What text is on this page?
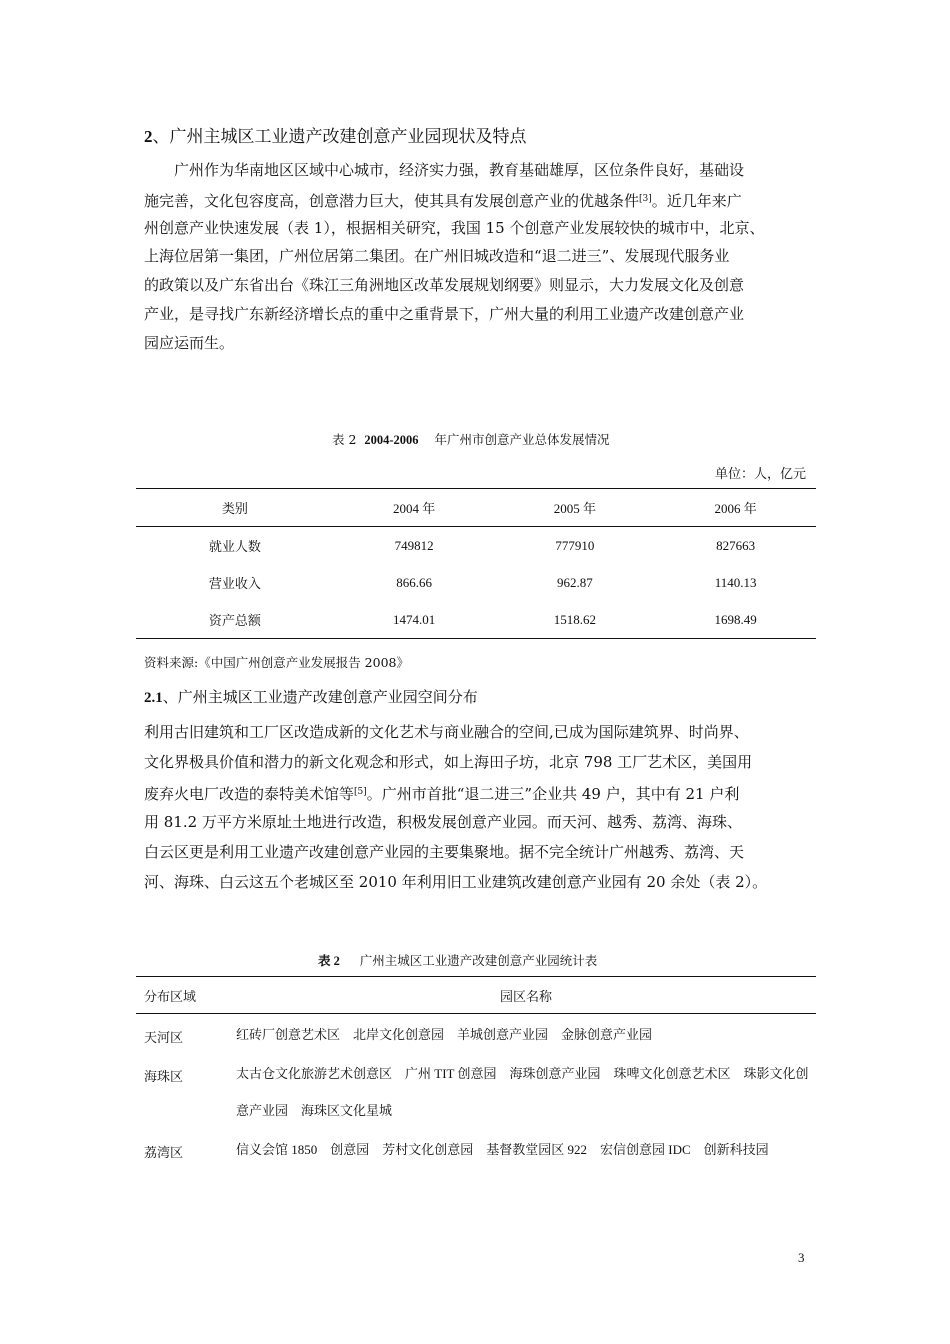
2、广州主城区工业遗产改建创意产业园现状及特点
广州作为华南地区区域中心城市，经济实力强，教育基础雄厚，区位条件良好，基础设
施完善，文化包容度高，创意潜力巨大，使其具有发展创意产业的优越条件[3]。近几年来广
州创意产业快速发展（表 1），根据相关研究，我国 15 个创意产业发展较快的城市中，北京、
上海位居第一集团，广州位居第二集团。在广州旧城改造和“退二进三”、发展现代服务业
的政策以及广东省出台《珠江三角洲地区改革发展规划纲要》则显示，大力发展文化及创意
产业，是寻找广东新经济增长点的重中之重背景下，广州大量的利用工业遗产改建创意产业
园应运而生。
表 2 2004-2006 年广州市创意产业总体发展情况
单位：人，亿元
类别	2004 年	2005 年	2006 年
就业人数	749812	777910	827663
营业收入	866.66	962.87	1140.13
资产总额	1474.01	1518.62	1698.49
资料来源:《中国广州创意产业发展报告 2008》
2.1、广州主城区工业遗产改建创意产业园空间分布
利用古旧建筑和工厂区改造成新的文化艺术与商业融合的空间,已成为国际建筑界、时尚界、
文化界极具价值和潜力的新文化观念和形式，如上海田子坊，北京 798 工厂艺术区，美国用
废弃火电厂改造的泰特美术馆等[5]。广州市首批“退二进三”企业共 49 户，其中有 21 户利
用 81.2 万平方米原址土地进行改造，积极发展创意产业园。而天河、越秀、荔湾、海珠、
白云区更是利用工业遗产改建创意产业园的主要集聚地。据不完全统计广州越秀、荔湾、天
河、海珠、白云这五个老城区至 2010 年利用旧工业建筑改建创意产业园有 20 余处（表 2）。
表 2 广州主城区工业遗产改建创意产业园统计表
分布区域	园区名称
天河区	红砖厂创意艺术区　北岸文化创意园　羊城创意产业园　金脉创意产业园

海珠区	太古仓文化旅游艺术创意区　广州 TIT 创意园　海珠创意产业园　珠啤文化创意艺术区　珠影文化创意产业园　海珠区文化星城

荔湾区	信义会馆 1850　创意园　芳村文化创意园　基督教堂园区 922　宏信创意园 IDC　创新科技园
3
